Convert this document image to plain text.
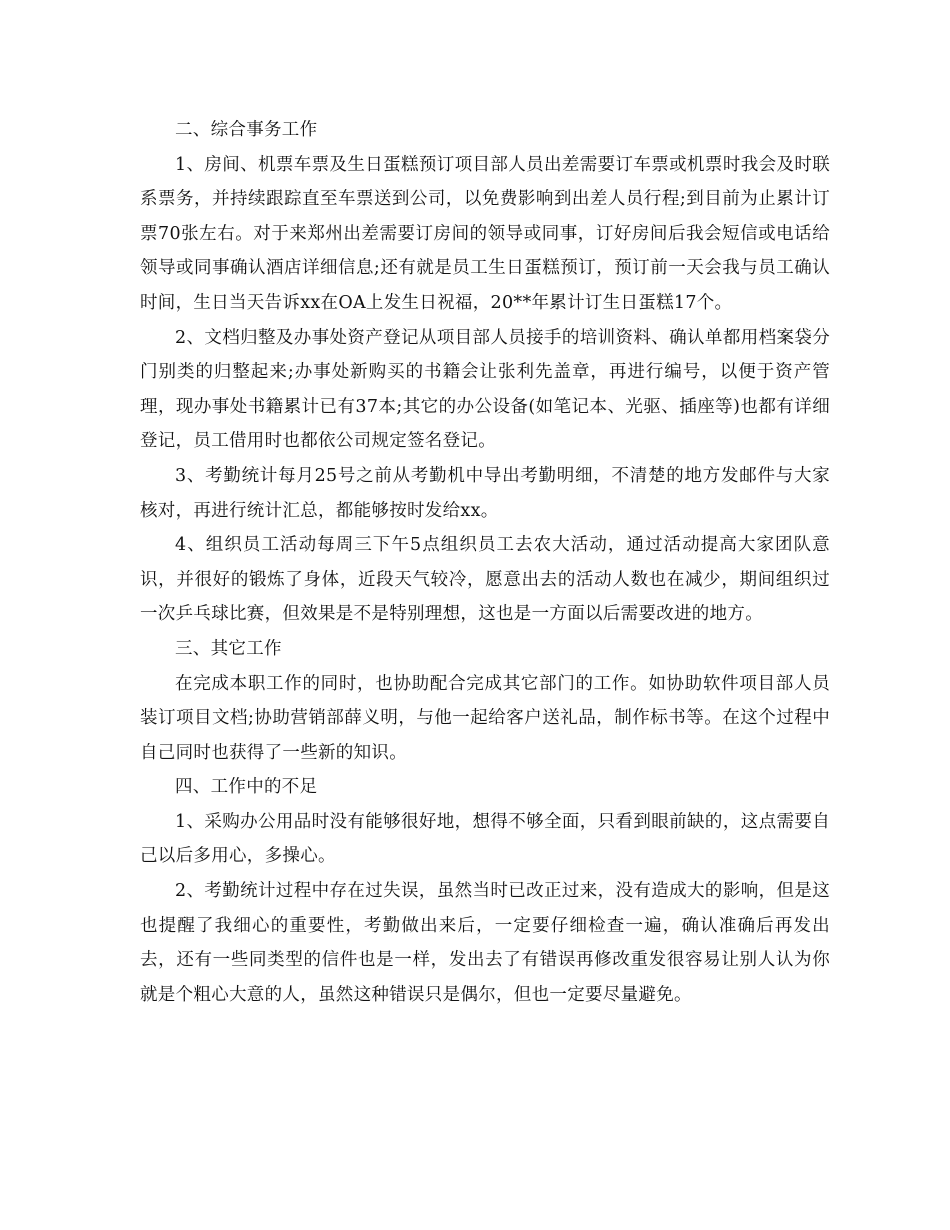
二、综合事务工作

1、房间、机票车票及生日蛋糕预订项目部人员出差需要订车票或机票时我会及时联系票务，并持续跟踪直至车票送到公司，以免费影响到出差人员行程;到目前为止累计订票70张左右。对于来郑州出差需要订房间的领导或同事，订好房间后我会短信或电话给领导或同事确认酒店详细信息;还有就是员工生日蛋糕预订，预订前一天会我与员工确认时间，生日当天告诉xx在OA上发生日祝福，20**年累计订生日蛋糕17个。

2、文档归整及办事处资产登记从项目部人员接手的培训资料、确认单都用档案袋分门别类的归整起来;办事处新购买的书籍会让张利先盖章，再进行编号，以便于资产管理，现办事处书籍累计已有37本;其它的办公设备(如笔记本、光驱、插座等)也都有详细登记，员工借用时也都依公司规定签名登记。

3、考勤统计每月25号之前从考勤机中导出考勤明细，不清楚的地方发邮件与大家核对，再进行统计汇总，都能够按时发给xx。

4、组织员工活动每周三下午5点组织员工去农大活动，通过活动提高大家团队意识，并很好的锻炼了身体，近段天气较冷，愿意出去的活动人数也在减少，期间组织过一次乒乓球比赛，但效果是不是特别理想，这也是一方面以后需要改进的地方。

三、其它工作

在完成本职工作的同时，也协助配合完成其它部门的工作。如协助软件项目部人员装订项目文档;协助营销部薛义明，与他一起给客户送礼品，制作标书等。在这个过程中自己同时也获得了一些新的知识。

四、工作中的不足

1、采购办公用品时没有能够很好地，想得不够全面，只看到眼前缺的，这点需要自己以后多用心，多操心。

2、考勤统计过程中存在过失误，虽然当时已改正过来，没有造成大的影响，但是这也提醒了我细心的重要性，考勤做出来后，一定要仔细检查一遍，确认准确后再发出去，还有一些同类型的信件也是一样，发出去了有错误再修改重发很容易让别人认为你就是个粗心大意的人，虽然这种错误只是偶尔，但也一定要尽量避免。
